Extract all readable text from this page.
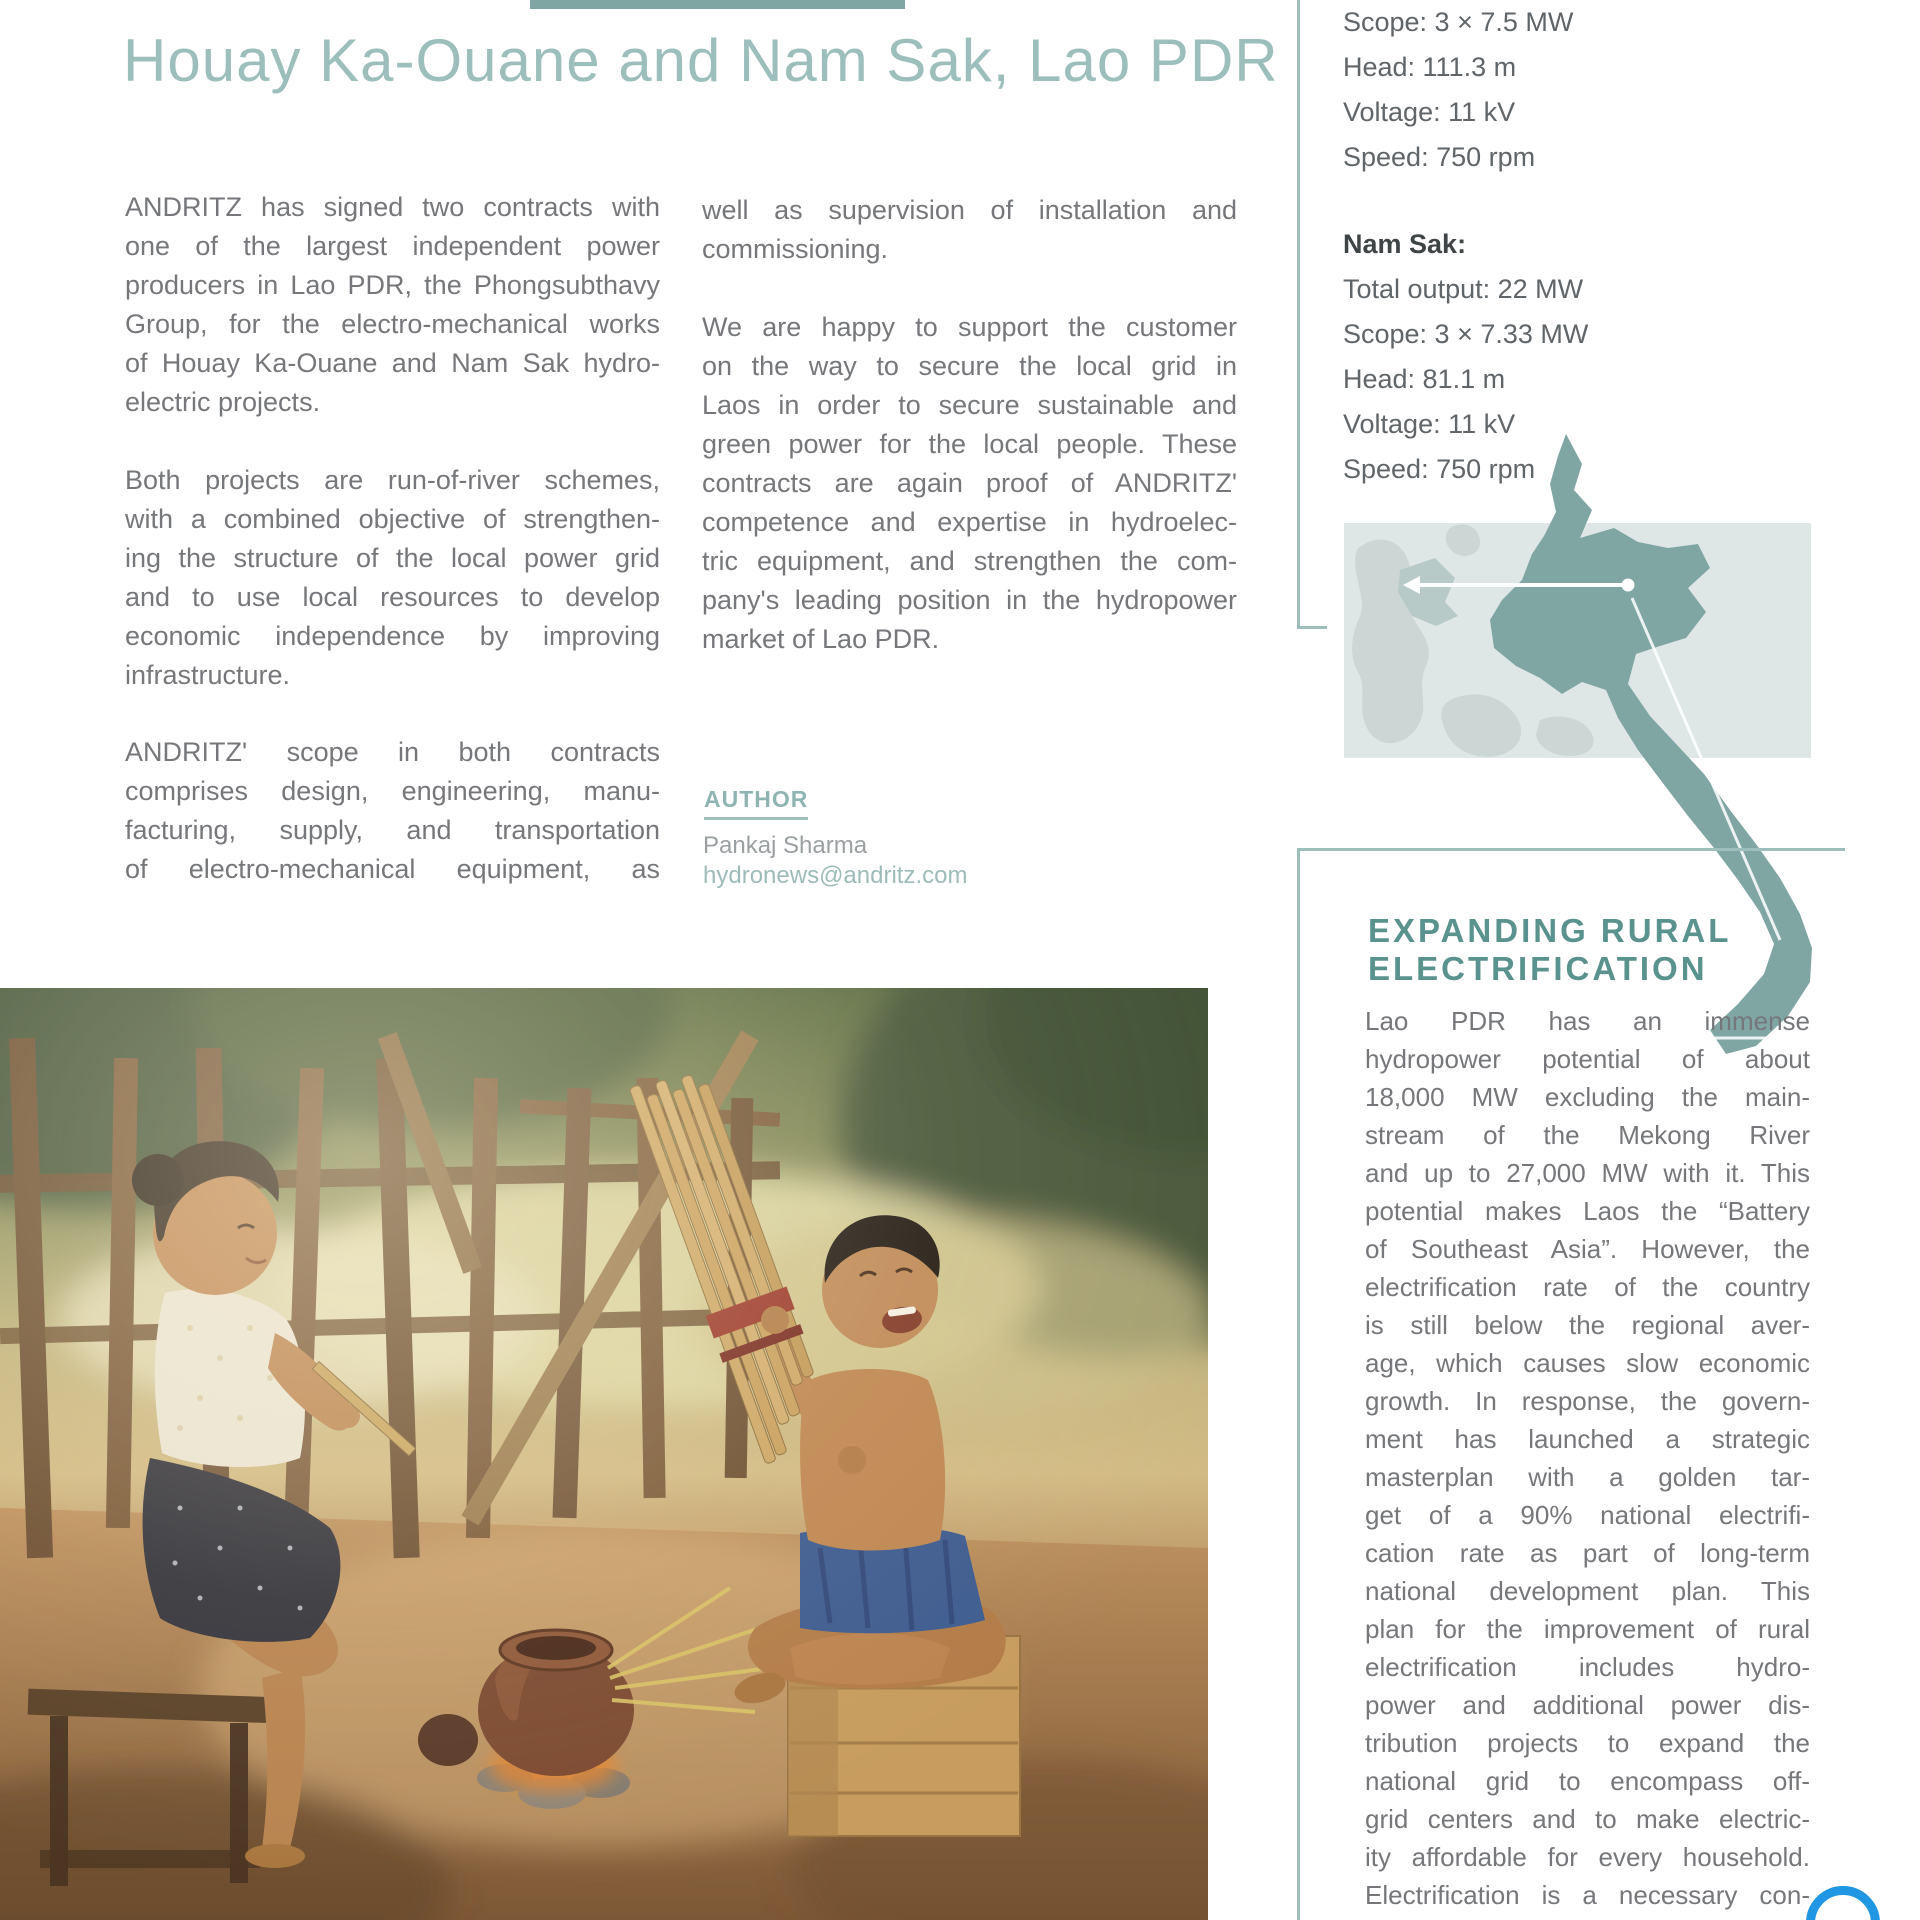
Houay Ka-Ouane and Nam Sak, Lao PDR
ANDRITZ has signed two contracts with
one of the largest independent power
producers in Lao PDR, the Phongsubthavy
Group, for the electro-mechanical works
of Houay Ka-Ouane and Nam Sak hydro-
electric projects.
Both projects are run-of-river schemes,
with a combined objective of strengthen-
ing the structure of the local power grid
and to use local resources to develop
economic independence by improving
infrastructure.
ANDRITZ' scope in both contracts
comprises design, engineering, manu-
facturing, supply, and transportation
of electro-mechanical equipment, as
well as supervision of installation and
commissioning.
We are happy to support the customer
on the way to secure the local grid in
Laos in order to secure sustainable and
green power for the local people. These
contracts are again proof of ANDRITZ'
competence and expertise in hydroelec-
tric equipment, and strengthen the com-
pany's leading position in the hydropower
market of Lao PDR.
AUTHOR
Pankaj Sharma
hydronews@andritz.com
Scope: 3 × 7.5 MW
Head: 111.3 m
Voltage: 11 kV
Speed: 750 rpm
Nam Sak:
Total output: 22 MW
Scope: 3 × 7.33 MW
Head: 81.1 m
Voltage: 11 kV
Speed: 750 rpm
EXPANDING RURAL
ELECTRIFICATION
Lao PDR has an immense
hydropower potential of about
18,000 MW excluding the main-
stream of the Mekong River
and up to 27,000 MW with it. This
potential makes Laos the “Battery
of Southeast Asia”. However, the
electrification rate of the country
is still below the regional aver-
age, which causes slow economic
growth. In response, the govern-
ment has launched a strategic
masterplan with a golden tar-
get of a 90% national electrifi-
cation rate as part of long-term
national development plan. This
plan for the improvement of rural
electrification includes hydro-
power and additional power dis-
tribution projects to expand the
national grid to encompass off-
grid centers and to make electric-
ity affordable for every household.
Electrification is a necessary con-
